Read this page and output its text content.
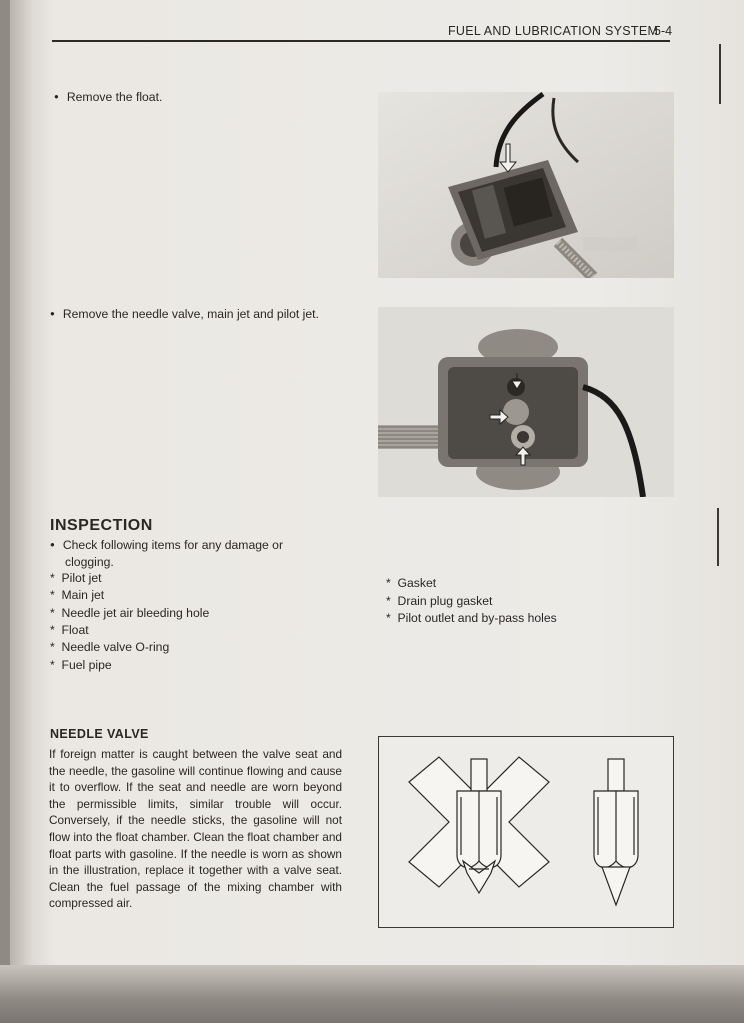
FUEL AND LUBRICATION SYSTEM
5-4
● Remove the float.
● Remove the needle valve, main jet and pilot jet.
INSPECTION
● Check following items for any damage or
clogging.
*  Pilot jet
*  Main jet
*  Needle jet air bleeding hole
*  Float
*  Needle valve O-ring
*  Fuel pipe
*  Gasket
*  Drain plug gasket
*  Pilot outlet and by-pass holes
NEEDLE VALVE
If foreign matter is caught between the valve seat and the needle, the gasoline will continue flowing and cause it to overflow. If the seat and needle are worn beyond the permissible limits, similar trouble will occur. Conversely, if the needle sticks, the gasoline will not flow into the float chamber. Clean the float chamber and float parts with gasoline. If the needle is worn as shown in the illustration, replace it together with a valve seat. Clean the fuel passage of the mixing chamber with compressed air.
